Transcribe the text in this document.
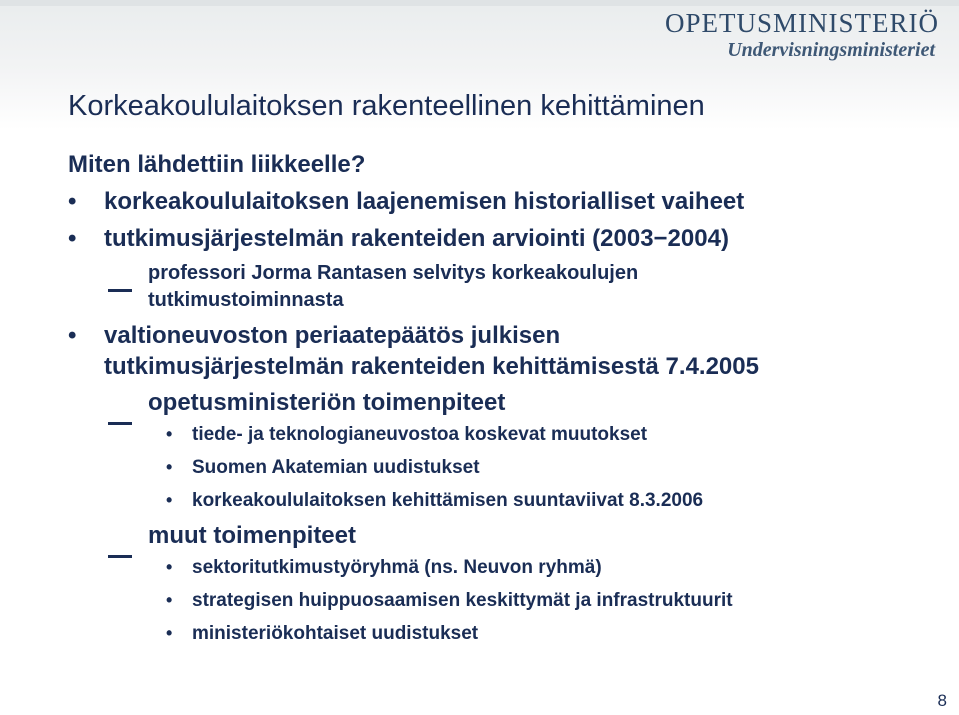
OPETUSMINISTERIÖ
Undervisningsministeriet
Korkeakoululaitoksen rakenteellinen kehittäminen
Miten lähdettiin liikkeelle?
• korkeakoululaitoksen laajenemisen historialliset vaiheet
• tutkimusjärjestelmän rakenteiden arviointi (2003−2004)
professori Jorma Rantasen selvitys korkeakoulujen
tutkimustoiminnasta
• valtioneuvoston periaatepäätös julkisen
tutkimusjärjestelmän rakenteiden kehittämisestä 7.4.2005
opetusministeriön toimenpiteet
• tiede- ja teknologianeuvostoa koskevat muutokset
• Suomen Akatemian uudistukset
• korkeakoululaitoksen kehittämisen suuntaviivat 8.3.2006
muut toimenpiteet
• sektoritutkimustyöryhmä (ns. Neuvon ryhmä)
• strategisen huippuosaamisen keskittymät ja infrastruktuurit
• ministeriökohtaiset uudistukset
8
